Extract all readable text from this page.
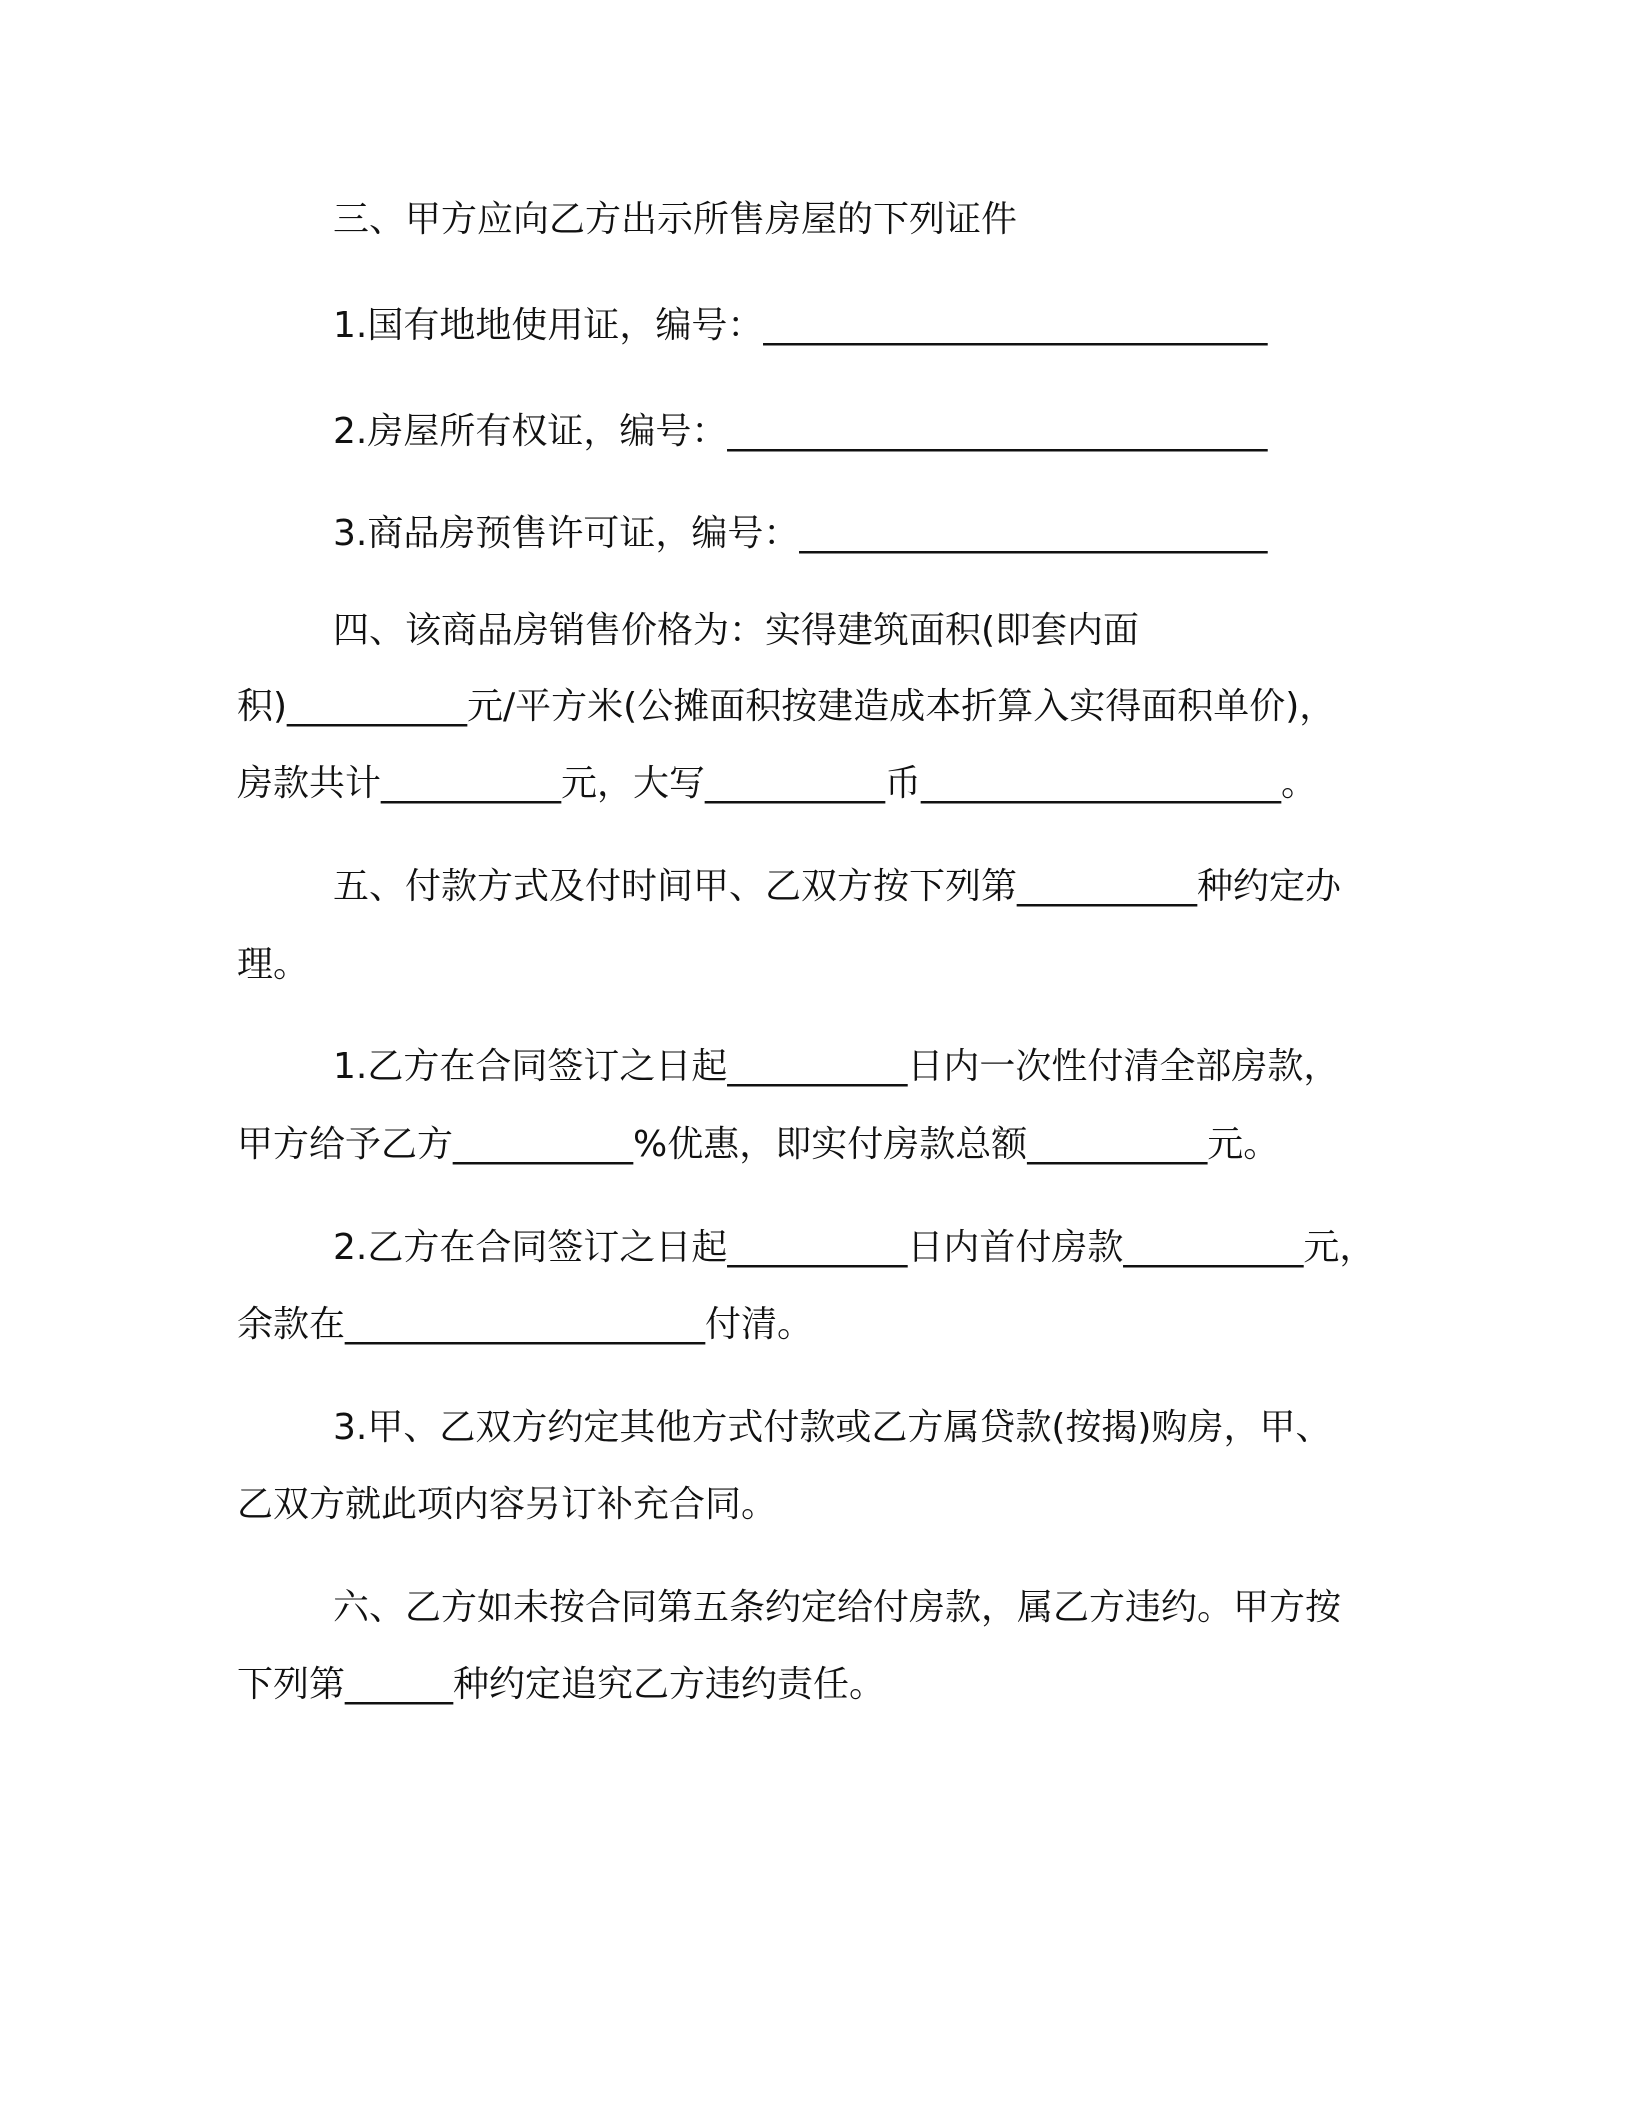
三、甲方应向乙方出示所售房屋的下列证件
1.国有地地使用证，编号：____________________________
2.房屋所有权证，编号：______________________________
3.商品房预售许可证，编号：__________________________
四、该商品房销售价格为：实得建筑面积(即套内面
积)__________元/平方米(公摊面积按建造成本折算入实得面积单价)，
房款共计__________元，大写__________币____________________。
五、付款方式及付时间甲、乙双方按下列第__________种约定办
理。
1.乙方在合同签订之日起__________日内一次性付清全部房款，
甲方给予乙方__________%优惠，即实付房款总额__________元。
2.乙方在合同签订之日起__________日内首付房款__________元，
余款在____________________付清。
3.甲、乙双方约定其他方式付款或乙方属贷款(按揭)购房，甲、
乙双方就此项内容另订补充合同。
六、乙方如未按合同第五条约定给付房款，属乙方违约。甲方按
下列第______种约定追究乙方违约责任。
